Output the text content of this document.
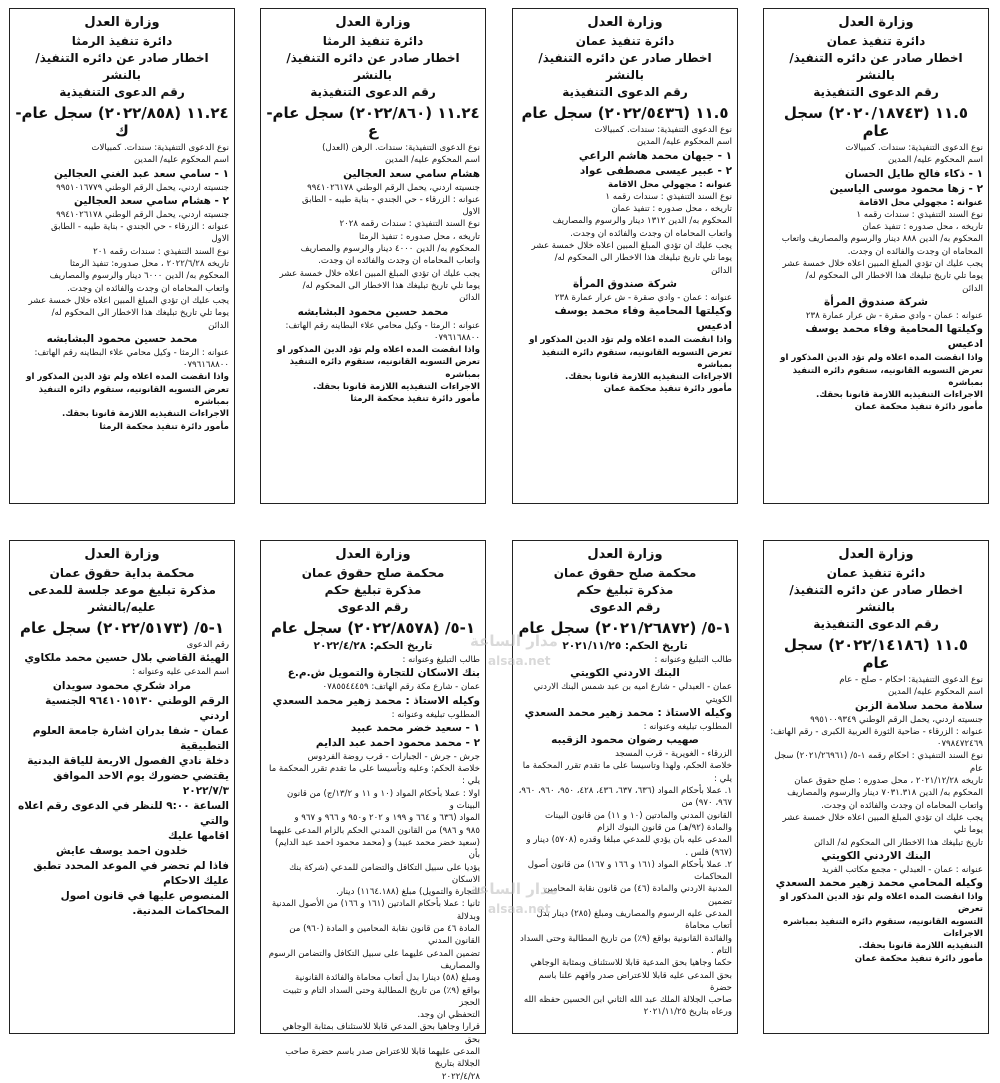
وزارة العدل
دائرة تنفيذ عمان
اخطار صادر عن دائره التنفيذ/ بالنشر
رقم الدعوى التنفيذية
١١.٥ (٢٠٢٠/١٨٧٤٣) سجل عام
نوع الدعوى التنفيذية: سندات. كمبيالات
اسم المحكوم عليه/ المدين
١ - ذكاء فالح طايل الحسان
٢ - زها محمود موسى الياسين
عنوانه : مجهولي محل الاقامة
نوع السند التنفيذي : سندات رقمه ١
تاريخه ، محل صدوره : تنفيذ عمان
المحكوم به/ الدين ٨٨٨ دينار والرسوم والمصاريف واتعاب
المحاماه ان وجدت والفائده ان وجدت.
يجب عليك ان تؤدي المبلغ المبين اعلاه خلال خمسة عشر
يوما تلي تاريخ تبليغك هذا الاخطار الى المحكوم له/
الدائن
شركة صندوق المرأة
عنوانه : عمان - وادي صقرة - ش عرار عمارة ٢٣٨
وكيلتها المحامية وفاء محمد يوسف ادعيس
واذا انقضت المده اعلاه ولم تؤد الدين المذكور او
تعرض التسويه القانونيه، ستقوم دائره التنفيذ بمباشره
الاجراءات التنفيذيه اللازمة قانونا بحقك.
مأمور دائرة تنفيذ محكمة عمان
وزارة العدل
دائرة تنفيذ عمان
اخطار صادر عن دائره التنفيذ/ بالنشر
رقم الدعوى التنفيذية
١١.٥ (٢٠٢٢/٥٤٣٦) سجل عام
نوع الدعوى التنفيذية: سندات. كمبيالات
اسم المحكوم عليه/ المدين
١ - جيهان محمد هاشم الراعي
٢ - عبير عيسى مصطفى عواد
عنوانه : مجهولي محل الاقامة
نوع السند التنفيذي : سندات رقمه ١
تاريخه ، محل صدوره : تنفيذ عمان
المحكوم به/ الدين ١٣١٢ دينار والرسوم والمصاريف
واتعاب المحاماه ان وجدت والفائده ان وجدت.
يجب عليك ان تؤدي المبلغ المبين اعلاه خلال خمسة عشر
يوما تلي تاريخ تبليغك هذا الاخطار الى المحكوم له/
الدائن
شركة صندوق المرأة
عنوانه : عمان - وادي صقرة - ش عرار عمارة ٢٣٨
وكيلتها المحامية وفاء محمد يوسف ادعيس
واذا انقضت المده اعلاه ولم تؤد الدين المذكور او
تعرض التسويه القانونيه، ستقوم دائره التنفيذ بمباشره
الاجراءات التنفيذيه اللازمة قانونا بحقك.
مأمور دائرة تنفيذ محكمة عمان
وزارة العدل
دائرة تنفيذ الرمثا
اخطار صادر عن دائره التنفيذ/ بالنشر
رقم الدعوى التنفيذية
١١.٢٤ (٢٠٢٢/٨٦٠) سجل عام-ع
نوع الدعوى التنفيذية: سندات. الرهن (العدل)
اسم المحكوم عليه/ المدين
هشام سامي سعد العجالين
جنسيته اردني، يحمل الرقم الوطني ٩٩٤١٠٢٦١٧٨
عنوانه : الزرقاء - حي الجندي - بناية طيبه - الطابق
الاول
نوع السند التنفيذي : سندات رقمه ٢٠٢٨
تاريخه ، محل صدوره : تنفيذ الرمثا
المحكوم به/ الدين ٤٠٠٠ دينار والرسوم والمصاريف
واتعاب المحاماه ان وجدت والفائده ان وجدت.
يجب عليك ان تؤدي المبلغ المبين اعلاه خلال خمسة عشر
يوما تلي تاريخ تبليغك هذا الاخطار الى المحكوم له/
الدائن
محمد حسين محمود البشابشه
عنوانه : الرمثا - وكيل محامي علاء البطاينه رقم الهاتف:
٠٧٩٦١٦٨٨٠٠
واذا انقضت المده اعلاه ولم تؤد الدين المذكور او
تعرض التسويه القانونيه، ستقوم دائره التنفيذ بمباشره
الاجراءات التنفيذيه اللازمة قانونا بحقك.
مأمور دائرة تنفيذ محكمة الرمثا
وزارة العدل
دائرة تنفيذ الرمثا
اخطار صادر عن دائره التنفيذ/ بالنشر
رقم الدعوى التنفيذية
١١.٢٤ (٢٠٢٢/٨٥٨) سجل عام-ك
نوع الدعوى التنفيذية: سندات. كمبيالات
اسم المحكوم عليه/ المدين
١ - سامي سعد عبد الغني العجالين
جنسيته اردني، يحمل الرقم الوطني ٩٩٥١٠١٦٧٧٩
٢ - هشام سامي سعد العجالين
جنسيته اردني، يحمل الرقم الوطني ٩٩٤١٠٢٦١٧٨
عنوانه : الزرقاء - حي الجندي - بناية طيبه - الطابق
الاول
نوع السند التنفيذي : سندات رقمه ٢٠١
تاريخه ٢٠٢٢/٦/٢٨ ، محل صدوره: تنفيذ الرمثا
المحكوم به/ الدين ٦٠٠٠ دينار والرسوم والمصاريف
واتعاب المحاماه ان وجدت والفائده ان وجدت.
يجب عليك ان تؤدي المبلغ المبين اعلاه خلال خمسة عشر
يوما تلي تاريخ تبليغك هذا الاخطار الى المحكوم له/
الدائن
محمد حسين محمود البشابشه
عنوانه : الرمثا - وكيل محامي علاء البطاينه رقم الهاتف:
٠٧٩٦١٦٨٨٠٠
واذا انقضت المده اعلاه ولم تؤد الدين المذكور او
تعرض التسويه القانونيه، ستقوم دائره التنفيذ بمباشره
الاجراءات التنفيذيه اللازمة قانونا بحقك.
مأمور دائرة تنفيذ محكمة الرمثا
وزارة العدل
دائرة تنفيذ عمان
اخطار صادر عن دائره التنفيذ/ بالنشر
رقم الدعوى التنفيذية
١١.٥ (٢٠٢٢/١٤١٨٦) سجل عام
نوع الدعوى التنفيذية: احكام - صلح - عام
اسم المحكوم عليه/ المدين
سلامة محمد سلامة الزبن
جنسيته اردني، يحمل الرقم الوطني ٩٩٥١٠٠٩٣٤٩
عنوانه : الزرقاء - ضاحية الثورة العربية الكبرى - رقم الهاتف:
٠٧٩٨٤٧٢٤٦٩
نوع السند التنفيذي : احكام رقمه ١-٥/ (٢٠٢١/٢٦٩٦١) سجل عام
تاريخه ٢٠٢١/١٢/٢٨ ، محل صدوره : صلح حقوق عمان
المحكوم به/ الدين ٧٠٣١.٣١٨ دينار والرسوم والمصاريف
واتعاب المحاماه ان وجدت والفائده ان وجدت.
يجب عليك ان تؤدي المبلغ المبين اعلاه خلال خمسة عشر يوما تلي
تاريخ تبليغك هذا الاخطار الى المحكوم له/ الدائن
البنك الاردني الكويتي
عنوانه : عمان - العبدلي - مجمع مكاتب الفريد
وكيله المحامي محمد زهير محمد السعدي
واذا انقضت المده اعلاه ولم تؤد الدين المذكور او تعرض
التسويه القانونيه، ستقوم دائره التنفيذ بمباشره الاجراءات
التنفيذيه اللازمة قانونا بحقك.
مأمور دائرة تنفيذ محكمة عمان
وزارة العدل
محكمة صلح حقوق عمان
مذكرة تبليغ حكم
رقم الدعوى
١-٥/ (٢٠٢١/٢٦٨٧٢) سجل عام
تاريخ الحكم: ٢٠٢١/١١/٢٥
طالب التبليغ وعنوانه :
البنك الاردني الكويتي
عمان - العبدلي - شارع اميه بن عبد شمس البنك الاردني الكويتي
وكيله الاستاذ : محمد زهير محمد السعدي
المطلوب تبليغه وعنوانه :
صهيب رضوان محمود الزقيبه
الزرقاء - الغويرية - قرب المسجد
خلاصة الحكم، ولهذا وتاسيسا على ما تقدم تقرر المحكمة ما يلي :
١. عملا بأحكام المواد (٦٣٦، ٦٣٧، ٤٣٦، ٤٢٨، ٩٥٠، ٩٦٠، ٩٦٠، ٩٦٧، ٩٧٠) من
القانون المدني والمادتين (١٠ و ١١) من قانون البينات والمادة (٩٢/هـ) من قانون البنوك الزام
المدعى عليه بان يؤدي للمدعي مبلغا وقدره (٥٧٠٨) دينار و (٩٦٧) فلس .
٢. عملا بأحكام المواد (١٦١ و ١٦٦ و ١٦٧) من قانون أصول المحاكمات
المدنية الاردني والمادة (٤٦) من قانون نقابة المحامين تضمين
المدعى عليه الرسوم والمصاريف ومبلغ (٢٨٥) دينار بدل أتعاب محاماة
والفائدة القانونية بواقع (٩٪) من تاريخ المطالبة وحتى السداد التام .
حكما وجاهيا بحق المدعية قابلا للاستئناف وبمثابة الوجاهي
بحق المدعى عليه قابلا للاعتراض صدر وافهم علنا باسم حضرة
صاحب الجلالة الملك عبد الله الثاني ابن الحسين حفظه الله
ورعاه بتاريخ ٢٠٢١/١١/٢٥
وزارة العدل
محكمة صلح حقوق عمان
مذكرة تبليغ حكم
رقم الدعوى
١-٥/ (٢٠٢٢/٨٥٧٨) سجل عام
تاريخ الحكم: ٢٠٢٢/٤/٢٨
طالب التبليغ وعنوانه :
بنك الاسكان للتجارة والتمويل ش.م.ع
عمان - شارع مكة رقم الهاتف: ٠٧٨٥٥٤٤٤٥٩
وكيله الاستاذ : محمد زهير محمد السعدي
المطلوب تبليغه وعنوانه :
١ - سعيد خضر محمد عبيد
٢ - محمد محمود احمد عبد الدايم
جرش - جرش - الجبارات - قرب روضة الفردوس
خلاصة الحكم: وعليه وتأسيسا على ما تقدم تقرر المحكمة ما يلي :
اولا : عملا بأحكام المواد (١٠ و ١١ و ١٣/٢/ج) من قانون البينات و
المواد (٦٣٦ و ٦٦٤ و ١٩٩ و ٢٠٢ و٩٥٠ و ٩٦٦ و ٩٦٧ و
٩٨٥ و ٩٨٦) من القانون المدني الحكم بالزام المدعى عليهما
(سعيد خضر محمد عبيد) و (محمد محمود احمد عبد الدايم) بأن
يؤديا على سبيل التكافل والتضامن للمدعي (شركة بنك الاسكان
للتجارة والتمويل) مبلغ (١١٦٤.١٨٨) دينار.
ثانيا : عملا بأحكام المادتين (١٦١ و ١٦٦) من الأصول المدنية وبدلالة
المادة ٤٦ من قانون نقابة المحامين و المادة (٩٦٠) من القانون المدني
تضمين المدعى عليهما على سبيل التكافل والتضامن الرسوم والمصاريف
ومبلغ (٥٨) دينارا بدل أتعاب محاماة والفائدة القانونية
بواقع (٩٪) من تاريخ المطالبة وحتى السداد التام و تثبيت الحجز
التحفظي ان وجد.
قرارا وجاهيا بحق المدعي قابلا للاستئناف بمثابة الوجاهي بحق
المدعى عليهما قابلا للاعتراض صدر باسم حضرة صاحب الجلالة بتاريخ
٢٠٢٢/٤/٢٨
وزارة العدل
محكمة بداية حقوق عمان
مذكرة تبليغ موعد جلسة للمدعى
عليه/بالنشر
١-٥/ (٢٠٢٢/٥١٧٣) سجل عام
رقم الدعوى
الهيئة القاضي بلال حسين محمد ملكاوي
اسم المدعى عليه وعنوانه :
مراد شكري محمود سويدان
الرقم الوطني ٩٦٤١٠١٥١٣٠ الجنسية اردني
عمان - شفا بدران اشارة جامعة العلوم التطبيقية
دخلة نادي الفصول الاربعة للياقة البدنية
يقتضي حضورك يوم الاحد الموافق ٢٠٢٢/٧/٣
الساعة ٩:٠٠ للنظر في الدعوى رقم اعلاه والتي
اقامها عليك
خلدون احمد يوسف عايش
فاذا لم تحضر في الموعد المحدد تطبق عليك الاحكام
المنصوص عليها في قانون اصول المحاكمات المدنية.
مدار الساعة
alsaa.net
مدار الساعة
alsaa.net
